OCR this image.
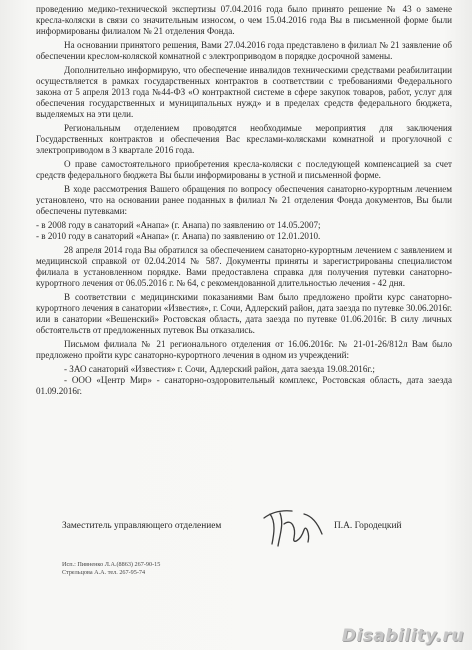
проведению медико-технической экспертизы 07.04.2016 года было принято решение № 43 о замене кресла-коляски в связи со значительным износом, о чем 15.04.2016 года Вы в письменной форме были информированы филиалом № 21 отделения Фонда.

На основании принятого решения, Вами 27.04.2016 года представлено в филиал № 21 заявление об обеспечении креслом-коляской комнатной с электроприводом в порядке досрочной замены.

Дополнительно информирую, что обеспечение инвалидов техническими средствами реабилитации осуществляется в рамках государственных контрактов в соответствии с требованиями Федерального закона от 5 апреля 2013 года №44-ФЗ «О контрактной системе в сфере закупок товаров, работ, услуг для обеспечения государственных и муниципальных нужд» и в пределах средств федерального бюджета, выделяемых на эти цели.

Региональным отделением проводятся необходимые мероприятия для заключения Государственных контрактов и обеспечения Вас креслами-колясками комнатной и прогулочной с электроприводом в 3 квартале 2016 года.

О праве самостоятельного приобретения кресла-коляски с последующей компенсацией за счет средств федерального бюджета Вы были информированы в устной и письменной форме.

В ходе рассмотрения Вашего обращения по вопросу обеспечения санаторно-курортным лечением установлено, что на основании ранее поданных в филиал № 21 отделения Фонда документов, Вы были обеспечены путевками:

- в 2008 году в санаторий «Анапа» (г. Анапа) по заявлению от 14.05.2007;

- в 2010 году в санаторий «Анапа» (г. Анапа) по заявлению от 12.01.2010.

28 апреля 2014 года Вы обратился за обеспечением санаторно-курортным лечением с заявлением и медицинской справкой от 02.04.2014 № 587. Документы приняты и зарегистрированы специалистом филиала в установленном порядке. Вами предоставлена справка для получения путевки санаторно-курортного лечения от 06.05.2016 г. № 64, с рекомендованной длительностью лечения - 42 дня.

В соответствии с медицинскими показаниями Вам было предложено пройти курс санаторно-курортного лечения в санатории «Известия», г. Сочи, Адлерский район, дата заезда по путевке 30.06.2016г. или в санатории «Вешенский» Ростовская область, дата заезда по путевке 01.06.2016г. В силу личных обстоятельств от предложенных путевок Вы отказались.

Письмом филиала № 21 регионального отделения от 16.06.2016г. № 21-01-26/812л Вам было предложено пройти курс санаторно-курортного лечения в одном из учреждений:

- ЗАО санаторий «Известия» г. Сочи, Адлерский район, дата заезда 19.08.2016г.;

- ООО «Центр Мир» - санаторно-оздоровительный комплекс, Ростовская область, дата заезда 01.09.2016г.

Заместитель управляющего отделением	П.А. Городецкий
Исп.: Пивненко Л.А.(8863) 267-90-15
Стрельцова А.А. тел. 267-95-74
Disability.ru
